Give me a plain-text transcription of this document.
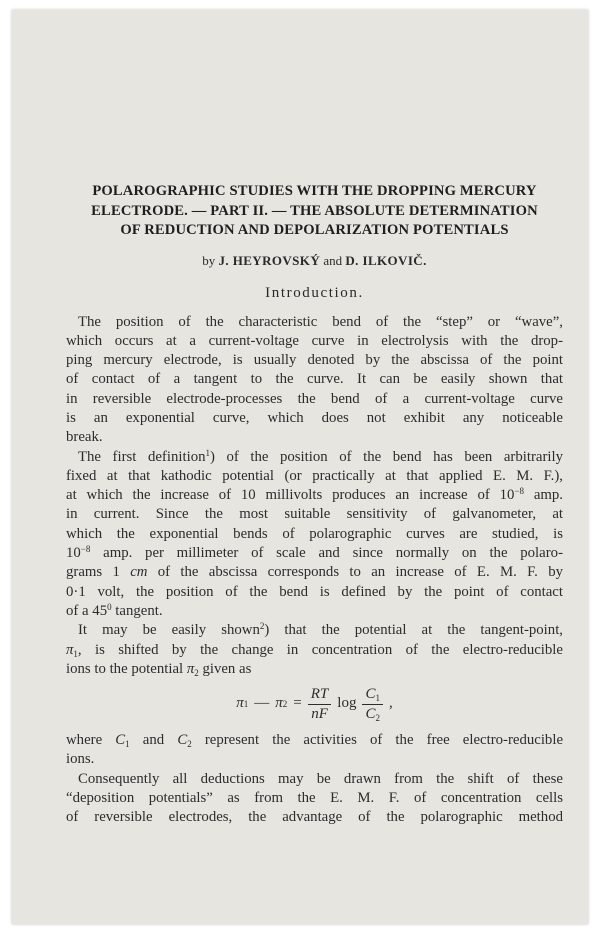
POLAROGRAPHIC STUDIES WITH THE DROPPING MERCURY
ELECTRODE. — PART II. — THE ABSOLUTE DETERMINATION
OF REDUCTION AND DEPOLARIZATION POTENTIALS
by J. HEYROVSKÝ and D. ILKOVIČ.
Introduction.
The position of the characteristic bend of the “step” or “wave”,
which occurs at a current-voltage curve in electrolysis with the drop-
ping mercury electrode, is usually denoted by the abscissa of the point
of contact of a tangent to the curve. It can be easily shown that
in reversible electrode-processes the bend of a current-voltage curve
is an exponential curve, which does not exhibit any noticeable
break.
The first definition$^1$) of the position of the bend has been arbitrarily
fixed at that kathodic potential (or practically at that applied E. M. F.),
at which the increase of 10 millivolts produces an increase of $10^{-8}$ amp.
in current. Since the most suitable sensitivity of galvanometer, at
which the exponential bends of polarographic curves are studied, is
$10^{-8}$ amp. per millimeter of scale and since normally on the polaro-
grams 1 cm of the abscissa corresponds to an increase of E. M. F. by
0·1 volt, the position of the bend is defined by the point of contact
of a $45^0$ tangent.
It may be easily shown$^2$) that the potential at the tangent-point,
$\pi_1$, is shifted by the change in concentration of the electro-reducible
ions to the potential $\pi_2$ given as
π 1 — π $2 = \frac{RT}{nF}$ $\log \frac{C_1}{C_2}$ ,
where $C_1$ and $C_2$ represent the activities of the free electro-reducible
ions.
Consequently all deductions may be drawn from the shift of these
“deposition potentials” as from the E. M. F. of concentration cells
of reversible electrodes, the advantage of the polarographic method
